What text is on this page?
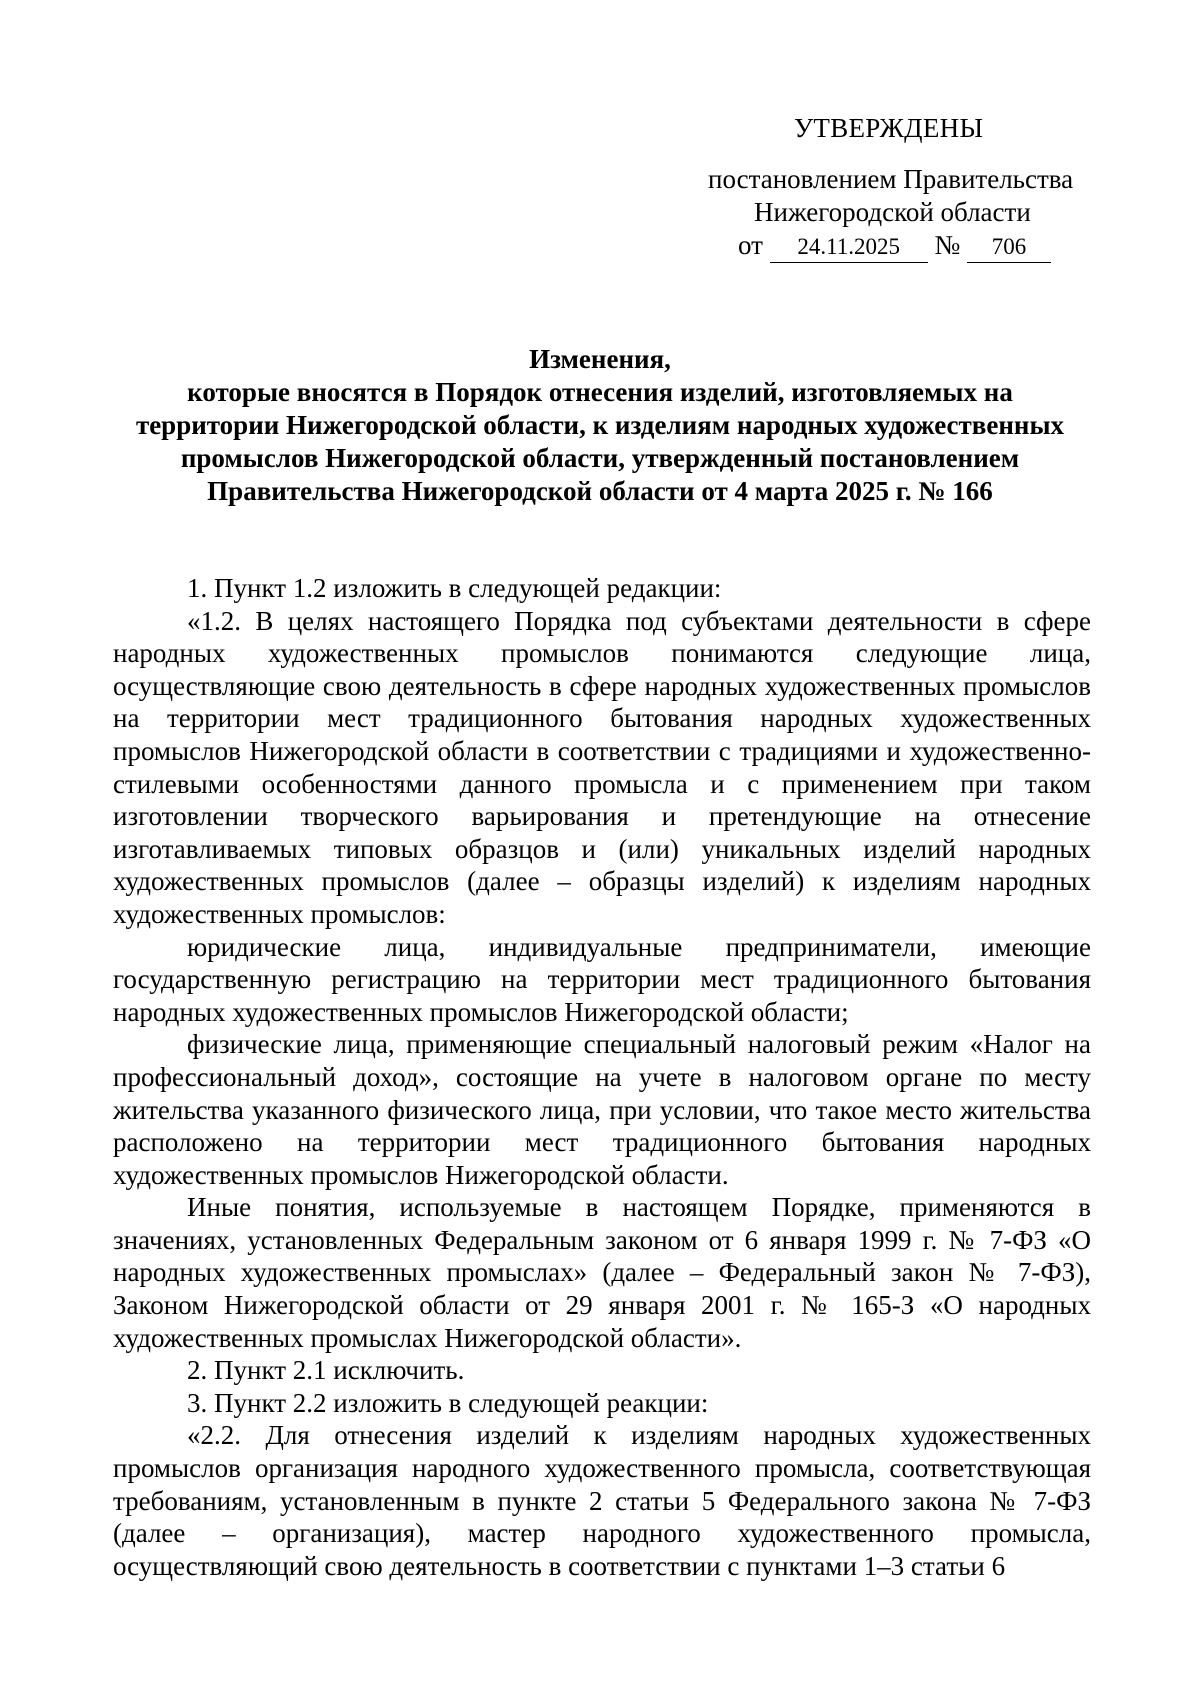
УТВЕРЖДЕНЫ
постановлением Правительства
Нижегородской области
от 24.11.2025 № 706
Изменения,
которые вносятся в Порядок отнесения изделий, изготовляемых на
территории Нижегородской области, к изделиям народных художественных
промыслов Нижегородской области, утвержденный постановлением
Правительства Нижегородской области от 4 марта 2025 г. № 166

1. Пункт 1.2 изложить в следующей редакции:

«1.2. В целях настоящего Порядка под субъектами деятельности в сфере народных художественных промыслов понимаются следующие лица, осуществляющие свою деятельность в сфере народных художественных промыслов на территории мест традиционного бытования народных художественных промыслов Нижегородской области в соответствии с традициями и художественно-стилевыми особенностями данного промысла и с применением при таком изготовлении творческого варьирования и претендующие на отнесение изготавливаемых типовых образцов и (или) уникальных изделий народных художественных промыслов (далее – образцы изделий) к изделиям народных художественных промыслов:

юридические лица, индивидуальные предприниматели, имеющие государственную регистрацию на территории мест традиционного бытования народных художественных промыслов Нижегородской области;

физические лица, применяющие специальный налоговый режим «Налог на профессиональный доход», состоящие на учете в налоговом органе по месту жительства указанного физического лица, при условии, что такое место жительства расположено на территории мест традиционного бытования народных художественных промыслов Нижегородской области.

Иные понятия, используемые в настоящем Порядке, применяются в значениях, установленных Федеральным законом от 6 января 1999 г. № 7-ФЗ «О народных художественных промыслах» (далее – Федеральный закон № 7-ФЗ), Законом Нижегородской области от 29 января 2001 г. № 165-З «О народных художественных промыслах Нижегородской области».

2. Пункт 2.1 исключить.

3. Пункт 2.2 изложить в следующей реакции:

«2.2. Для отнесения изделий к изделиям народных художественных промыслов организация народного художественного промысла, соответствующая требованиям, установленным в пункте 2 статьи 5 Федерального закона № 7-ФЗ (далее – организация), мастер народного художественного промысла, осуществляющий свою деятельность в соответствии с пунктами 1–3 статьи 6
